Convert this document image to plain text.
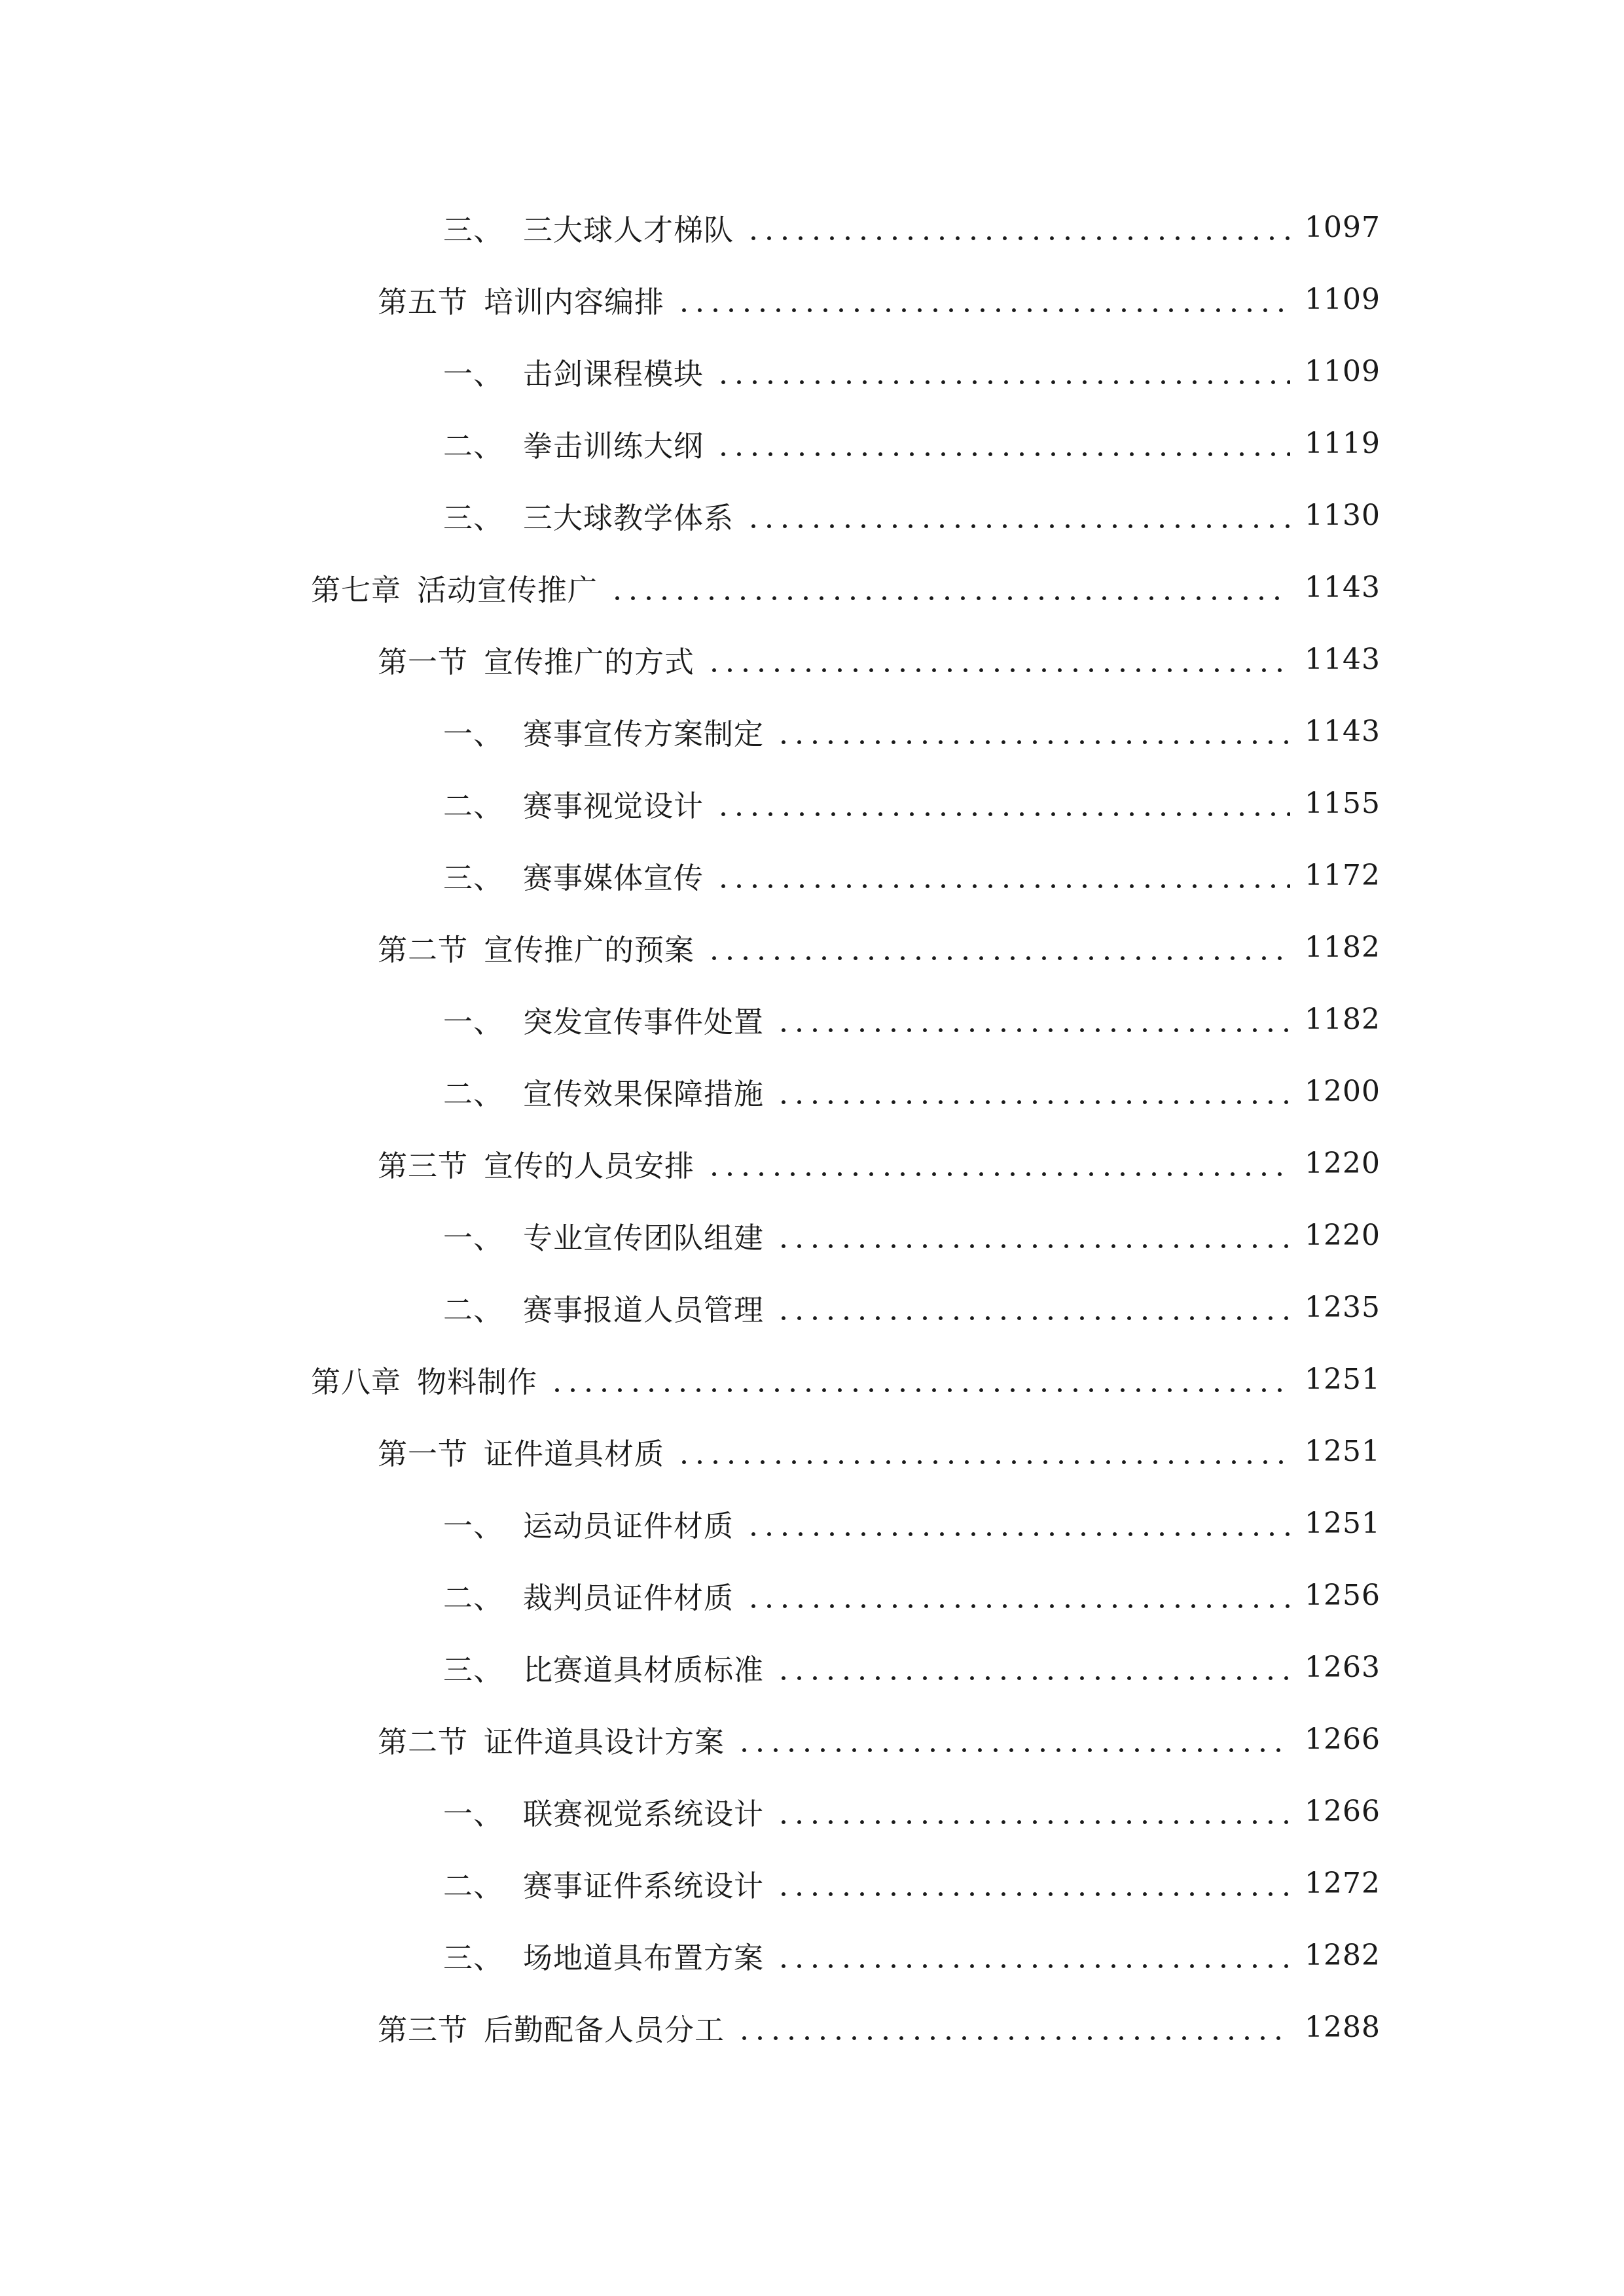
三、 三大球人才梯队	1097
第五节 培训内容编排	1109
一、 击剑课程模块	1109
二、 拳击训练大纲	1119
三、 三大球教学体系	1130
第七章 活动宣传推广	1143
第一节 宣传推广的方式	1143
一、 赛事宣传方案制定	1143
二、 赛事视觉设计	1155
三、 赛事媒体宣传	1172
第二节 宣传推广的预案	1182
一、 突发宣传事件处置	1182
二、 宣传效果保障措施	1200
第三节 宣传的人员安排	1220
一、 专业宣传团队组建	1220
二、 赛事报道人员管理	1235
第八章 物料制作	1251
第一节 证件道具材质	1251
一、 运动员证件材质	1251
二、 裁判员证件材质	1256
三、 比赛道具材质标准	1263
第二节 证件道具设计方案	1266
一、 联赛视觉系统设计	1266
二、 赛事证件系统设计	1272
三、 场地道具布置方案	1282
第三节 后勤配备人员分工	1288
